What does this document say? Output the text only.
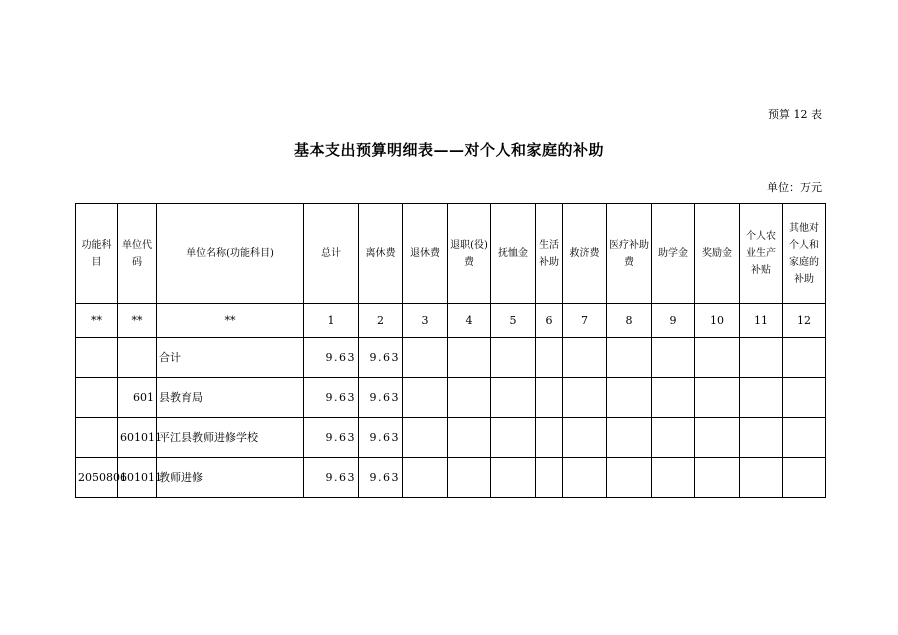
预算 12 表
基本支出预算明细表——对个人和家庭的补助
单位：万元
功能科目	单位代码	单位名称(功能科目)	总计	离休费	退休费	退职(役)费	抚恤金	生活补助	救济费	医疗补助费	助学金	奖励金	个人农业生产补贴	其他对个人和家庭的补助
**	**	**	1	2	3	4	5	6	7	8	9	10	11	12
		合计	9.63	9.63										
	601	县教育局	9.63	9.63										
	601011	平江县教师进修学校	9.63	9.63										
2050801	601011	教师进修	9.63	9.63										
